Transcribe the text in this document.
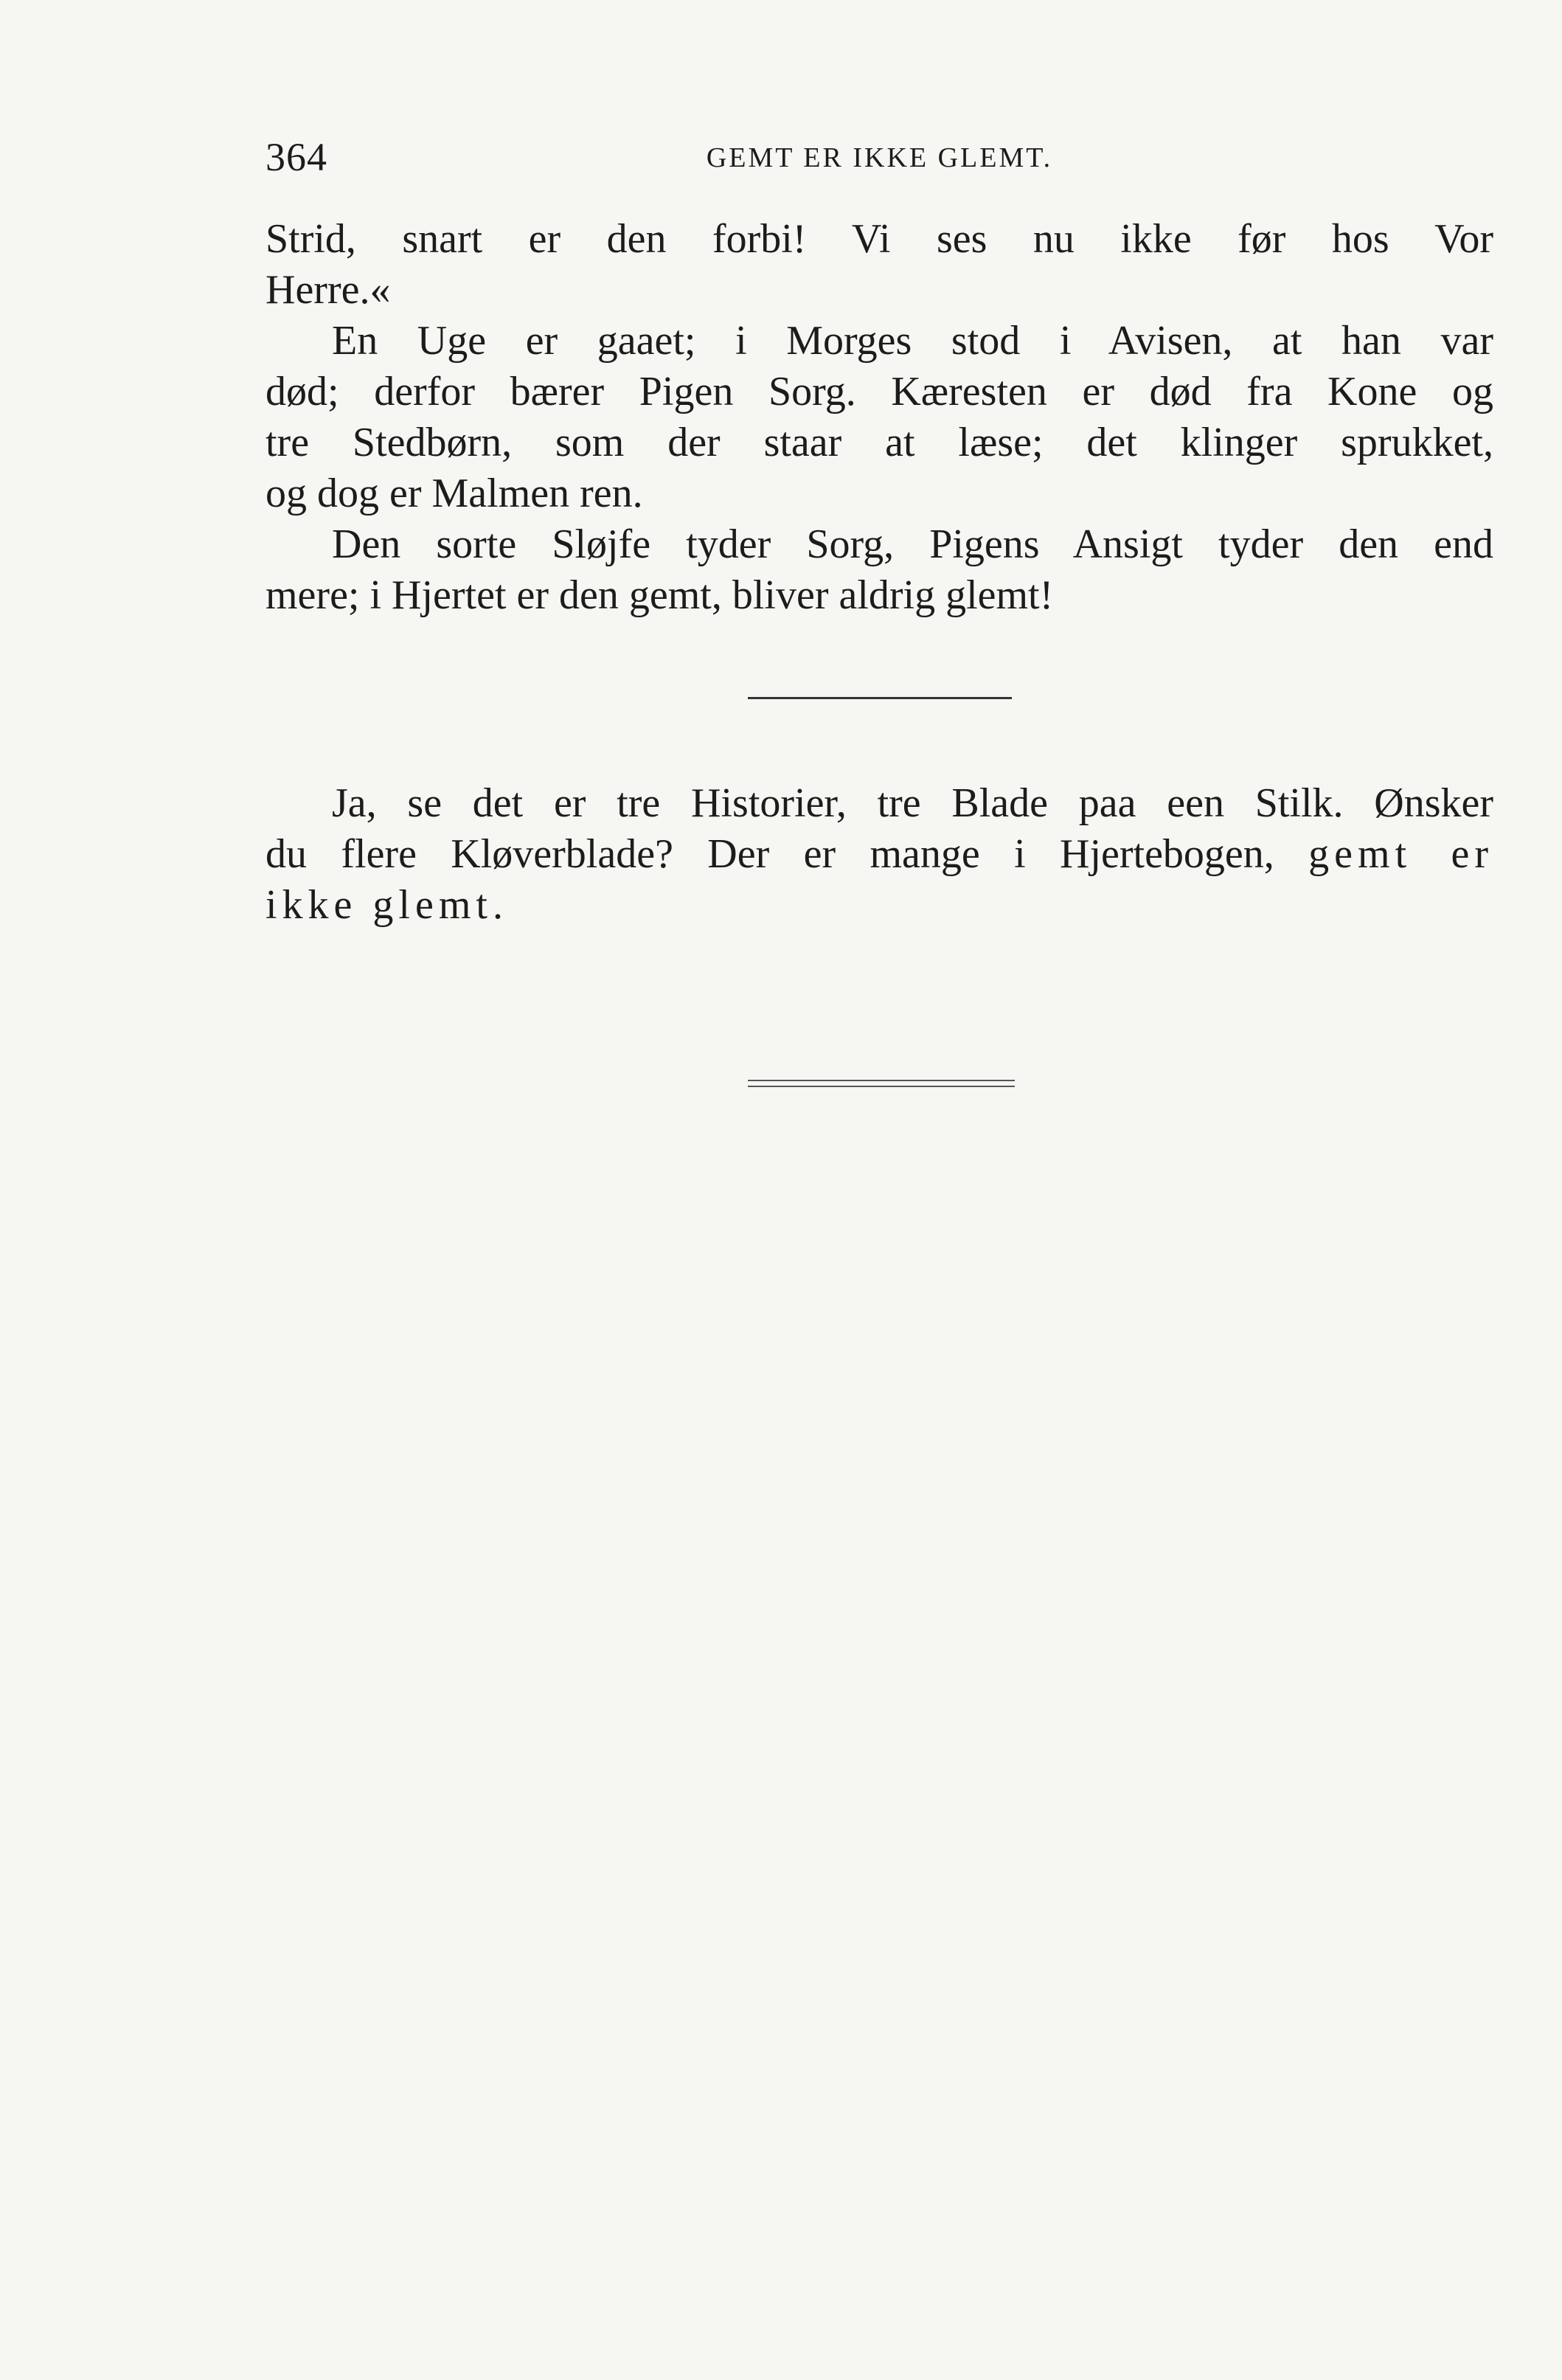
364	GEMT ER IKKE GLEMT.
Strid, snart er den forbi! Vi ses nu ikke før hos Vor
Herre.«
En Uge er gaaet; i Morges stod i Avisen, at han var
død; derfor bærer Pigen Sorg. Kæresten er død fra Kone og
tre Stedbørn, som der staar at læse; det klinger sprukket,
og dog er Malmen ren.
Den sorte Sløjfe tyder Sorg, Pigens Ansigt tyder den end
mere; i Hjertet er den gemt, bliver aldrig glemt!
Ja, se det er tre Historier, tre Blade paa een Stilk. Ønsker
du flere Kløverblade? Der er mange i Hjertebogen, gemt er
ikke glemt.
